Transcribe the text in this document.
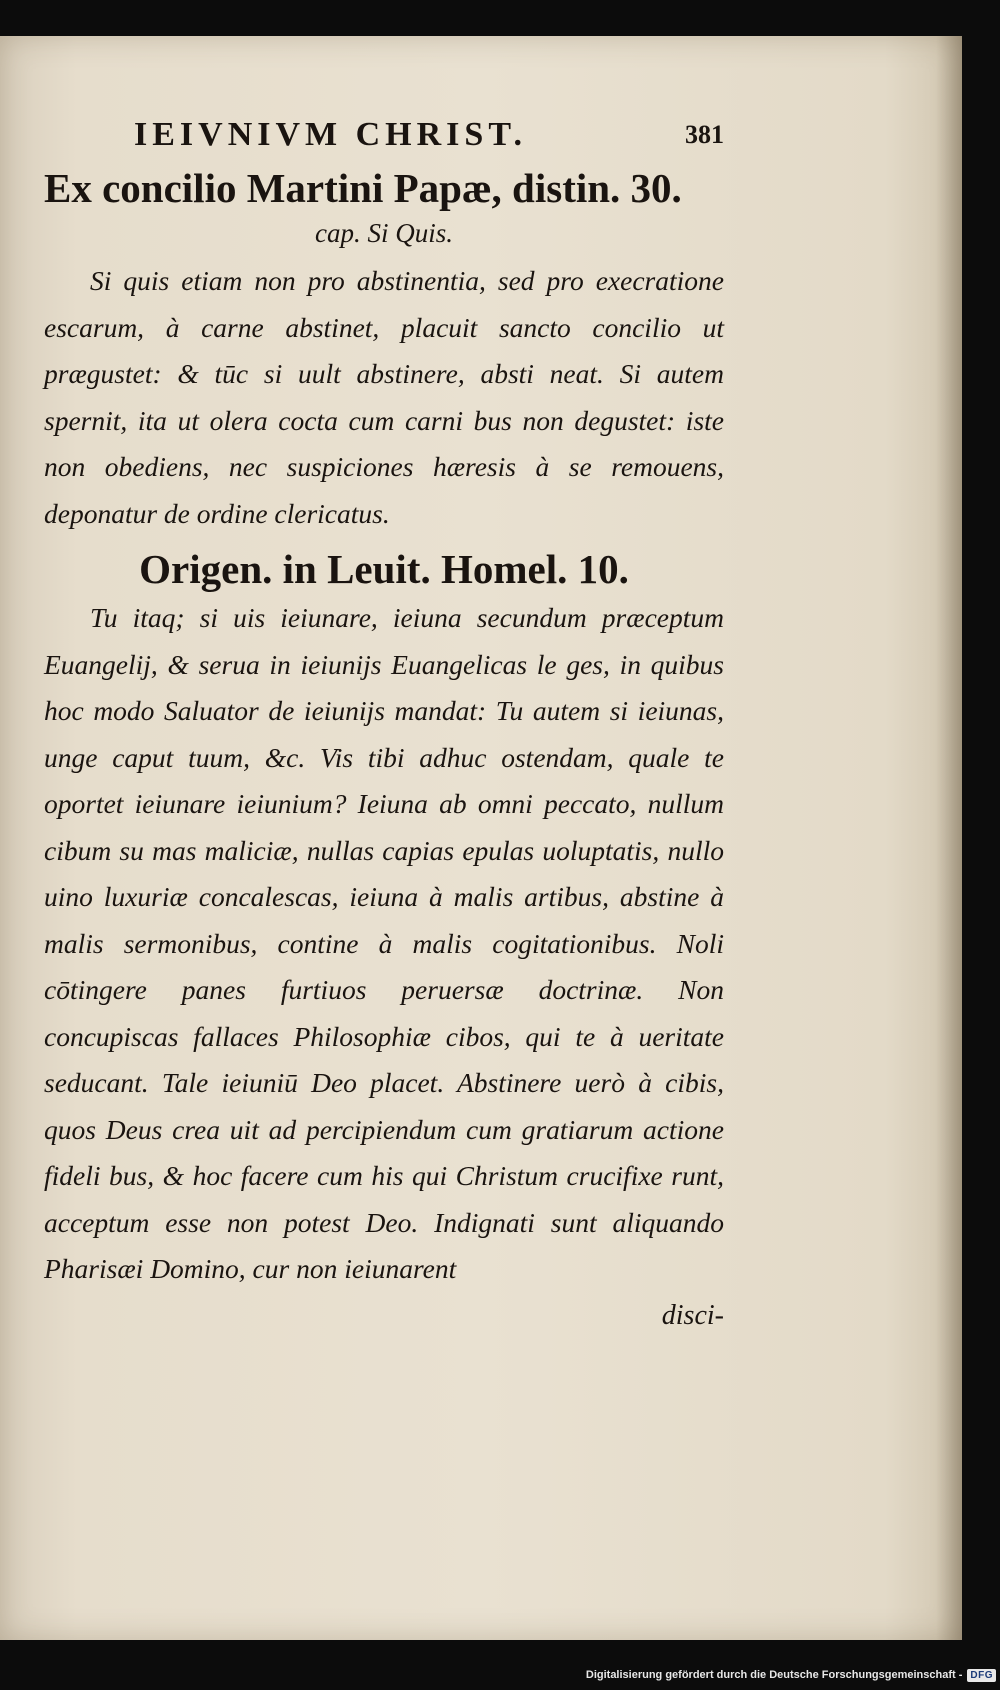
IEIVNIVM CHRIST.	381
Ex concilio Martini Papæ, distin. 30.

cap. Si Quis.

Si quis etiam non pro abstinentia, sed pro execratione escarum, à carne abstinet, placuit sancto concilio ut prægustet: & tūc si uult abstinere, absti neat. Si autem spernit, ita ut olera cocta cum carni bus non degustet: iste non obediens, nec suspiciones hæresis à se remouens, deponatur de ordine clericatus.

Origen. in Leuit. Homel. 10.

Tu itaq; si uis ieiunare, ieiuna secundum præceptum Euangelij, & serua in ieiunijs Euangelicas le ges, in quibus hoc modo Saluator de ieiunijs mandat: Tu autem si ieiunas, unge caput tuum, &c. Vis tibi adhuc ostendam, quale te oportet ieiunare ieiunium? Ieiuna ab omni peccato, nullum cibum su mas maliciæ, nullas capias epulas uoluptatis, nullo uino luxuriæ concalescas, ieiuna à malis artibus, abstine à malis sermonibus, contine à malis cogitationibus. Noli cōtingere panes furtiuos peruersæ doctrinæ. Non concupiscas fallaces Philosophiæ cibos, qui te à ueritate seducant. Tale ieiuniū Deo placet. Abstinere uerò à cibis, quos Deus crea uit ad percipiendum cum gratiarum actione fideli bus, & hoc facere cum his qui Christum crucifixe runt, acceptum esse non potest Deo. Indignati sunt aliquando Pharisæi Domino, cur non ieiunarent

disci-

Digitalisierung gefördert durch die Deutsche Forschungsgemeinschaft - DFG
